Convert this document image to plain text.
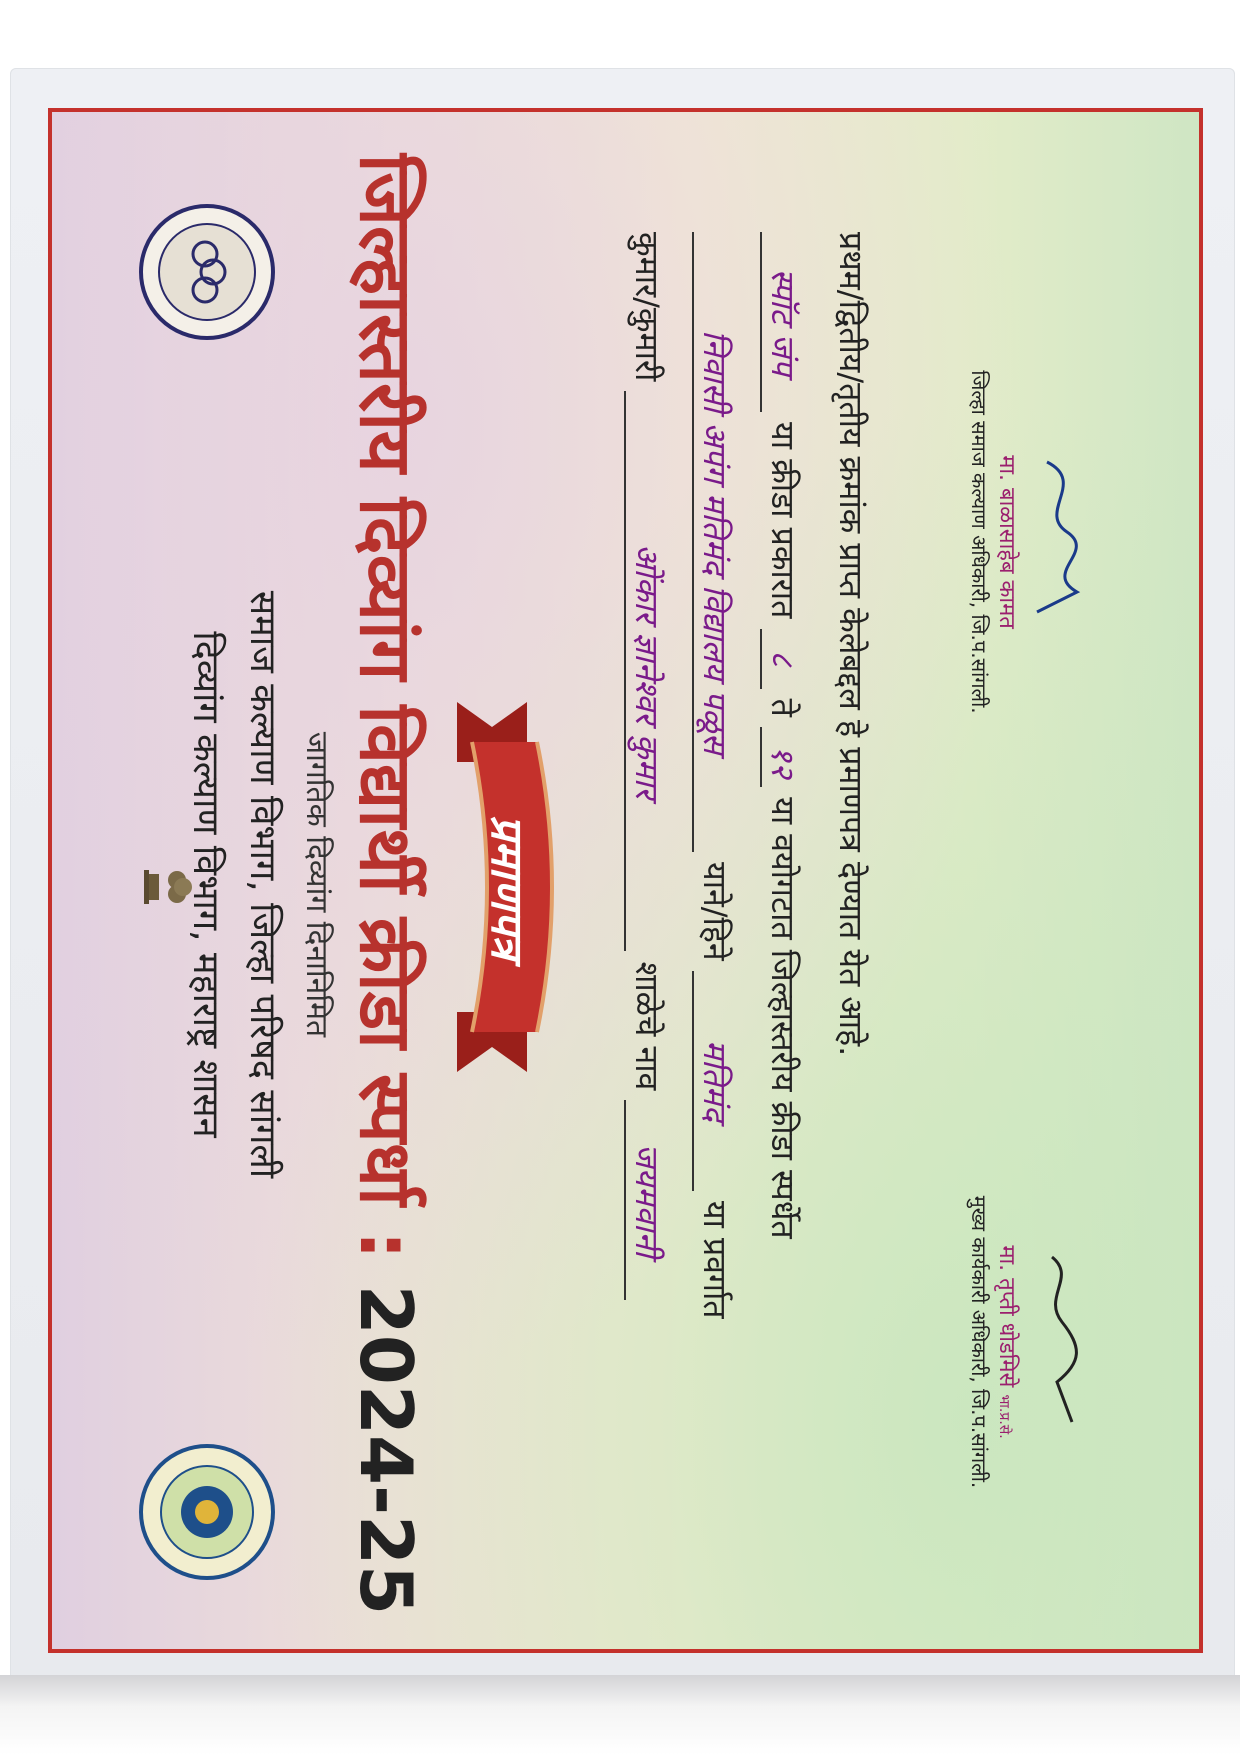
दिव्यांग कल्याण विभाग, महाराष्ट्र शासन समाज कल्याण विभाग, जिल्हा परिषद सांगली जागतिक दिव्यांग दिनानिमित जिल्हास्तरीय दिव्यांग विद्यार्थी क्रीडा स्पर्धा : 2024-25
प्रमाणपत्र
कुमार/कुमारी ओंकार ज्ञानेश्वर कुमार शाळेचे नाव जयमवानी
निवासी अपंग मतिमंद विद्यालय पळूस याने/हिने मतिमंद या प्रवर्गात
स्पॉट जंप या क्रीडा प्रकारात ८ ते १२ या वयोगटात जिल्हास्तरीय क्रीडा स्पर्धेत प्रथम/द्वितीय/तृतीय क्रमांक प्राप्त केलेबद्दल हे प्रमाणपत्र देण्यात येत आहे.	मा. बाळासाहेब कामत
जिल्हा समाज कल्याण अधिकारी, जि.प.सांगली.
मा. तृप्ती धोडमिसे भा.प्र.से.
मुख्य कार्यकारी अधिकारी, जि.प.सांगली.
